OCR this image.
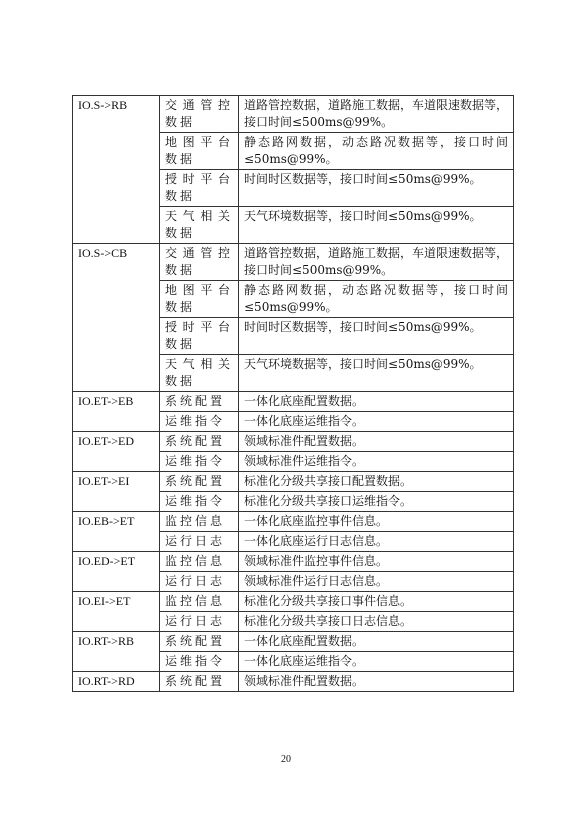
IO.S->RB	交通管控数据	道路管控数据，道路施工数据，车道限速数据等，接口时间≤500ms@99%。
	地图平台数据	静态路网数据，动态路况数据等，接口时间≤50ms@99%。
	授时平台数据	时间时区数据等，接口时间≤50ms@99%。
	天气相关数据	天气环境数据等，接口时间≤50ms@99%。
IO.S->CB	交通管控数据	道路管控数据，道路施工数据，车道限速数据等，接口时间≤500ms@99%。
	地图平台数据	静态路网数据，动态路况数据等，接口时间≤50ms@99%。
	授时平台数据	时间时区数据等，接口时间≤50ms@99%。
	天气相关数据	天气环境数据等，接口时间≤50ms@99%。
IO.ET->EB	系统配置	一体化底座配置数据。
	运维指令	一体化底座运维指令。
IO.ET->ED	系统配置	领域标准件配置数据。
	运维指令	领域标准件运维指令。
IO.ET->EI	系统配置	标准化分级共享接口配置数据。
	运维指令	标准化分级共享接口运维指令。
IO.EB->ET	监控信息	一体化底座监控事件信息。
	运行日志	一体化底座运行日志信息。
IO.ED->ET	监控信息	领域标准件监控事件信息。
	运行日志	领域标准件运行日志信息。
IO.EI->ET	监控信息	标准化分级共享接口事件信息。
	运行日志	标准化分级共享接口日志信息。
IO.RT->RB	系统配置	一体化底座配置数据。
	运维指令	一体化底座运维指令。
IO.RT->RD	系统配置	领域标准件配置数据。
20
